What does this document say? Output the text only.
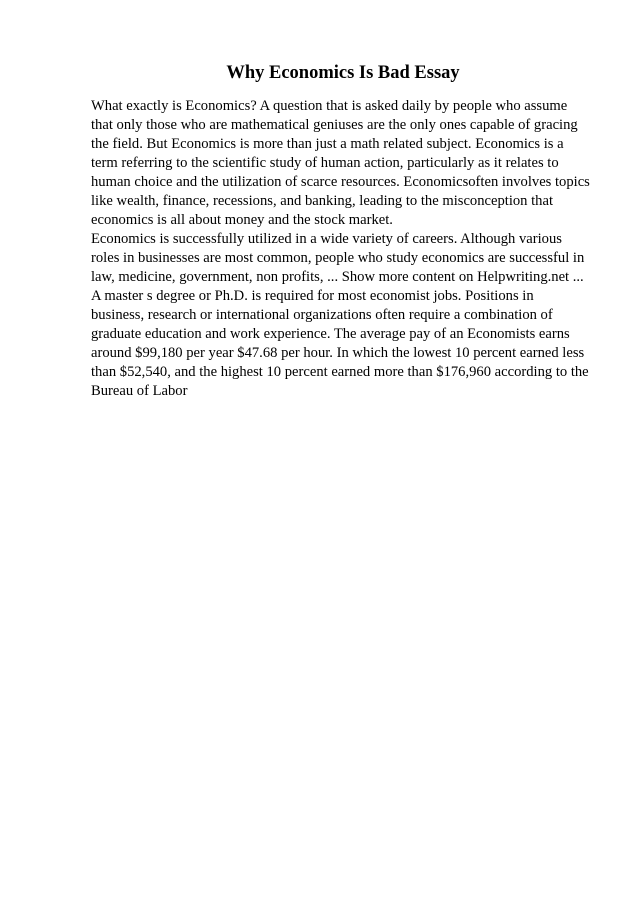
Why Economics Is Bad Essay

What exactly is Economics? A question that is asked daily by people who assume

that only those who are mathematical geniuses are the only ones capable of gracing

the field. But Economics is more than just a math related subject. Economics is a

term referring to the scientific study of human action, particularly as it relates to

human choice and the utilization of scarce resources. Economicsoften involves topics

like wealth, finance, recessions, and banking, leading to the misconception that

economics is all about money and the stock market.

Economics is successfully utilized in a wide variety of careers. Although various

roles in businesses are most common, people who study economics are successful in

law, medicine, government, non profits, ... Show more content on Helpwriting.net ...

A master s degree or Ph.D. is required for most economist jobs. Positions in

business, research or international organizations often require a combination of

graduate education and work experience. The average pay of an Economists earns

around $99,180 per year $47.68 per hour. In which the lowest 10 percent earned less

than $52,540, and the highest 10 percent earned more than $176,960 according to the

Bureau of Labor
